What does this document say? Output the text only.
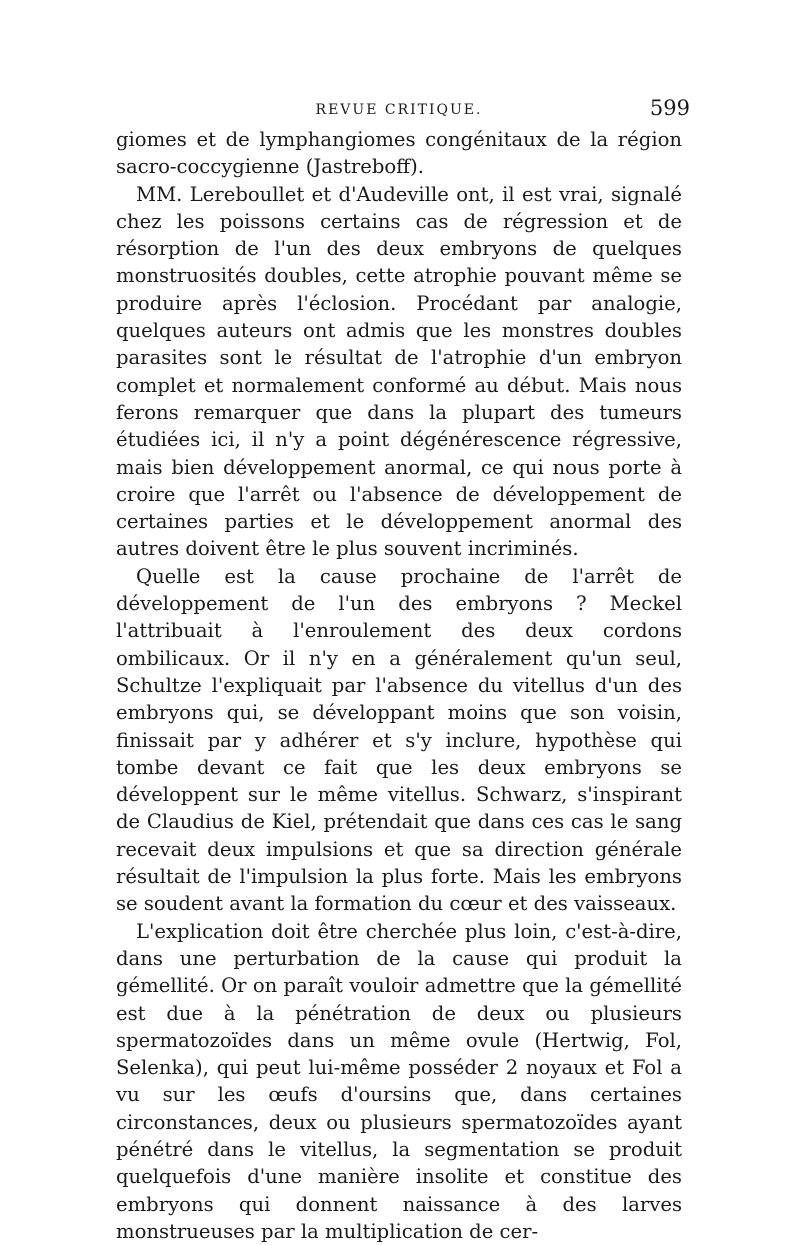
REVUE CRITIQUE.	599

giomes et de lymphangiomes congénitaux de la région sacro-coccygienne (Jastreboff).

MM. Lereboullet et d'Audeville ont, il est vrai, signalé chez les poissons certains cas de régression et de résorption de l'un des deux embryons de quelques monstruosités doubles, cette atrophie pouvant même se produire après l'éclosion. Procédant par analogie, quelques auteurs ont admis que les monstres doubles parasites sont le résultat de l'atrophie d'un embryon complet et normalement conformé au début. Mais nous ferons remarquer que dans la plupart des tumeurs étudiées ici, il n'y a point dégénérescence régressive, mais bien développement anormal, ce qui nous porte à croire que l'arrêt ou l'absence de développement de certaines parties et le développement anormal des autres doivent être le plus souvent incriminés.

Quelle est la cause prochaine de l'arrêt de développement de l'un des embryons ? Meckel l'attribuait à l'enroulement des deux cordons ombilicaux. Or il n'y en a généralement qu'un seul, Schultze l'expliquait par l'absence du vitellus d'un des embryons qui, se développant moins que son voisin, finissait par y adhérer et s'y inclure, hypothèse qui tombe devant ce fait que les deux embryons se développent sur le même vitellus. Schwarz, s'inspirant de Claudius de Kiel, prétendait que dans ces cas le sang recevait deux impulsions et que sa direction générale résultait de l'impulsion la plus forte. Mais les embryons se soudent avant la formation du cœur et des vaisseaux.

L'explication doit être cherchée plus loin, c'est-à-dire, dans une perturbation de la cause qui produit la gémellité. Or on paraît vouloir admettre que la gémellité est due à la pénétration de deux ou plusieurs spermatozoïdes dans un même ovule (Hertwig, Fol, Selenka), qui peut lui-même posséder 2 noyaux et Fol a vu sur les œufs d'oursins que, dans certaines circonstances, deux ou plusieurs spermatozoïdes ayant pénétré dans le vitellus, la segmentation se produit quelquefois d'une manière insolite et constitue des embryons qui donnent naissance à des larves monstrueuses par la multiplication de cer-
